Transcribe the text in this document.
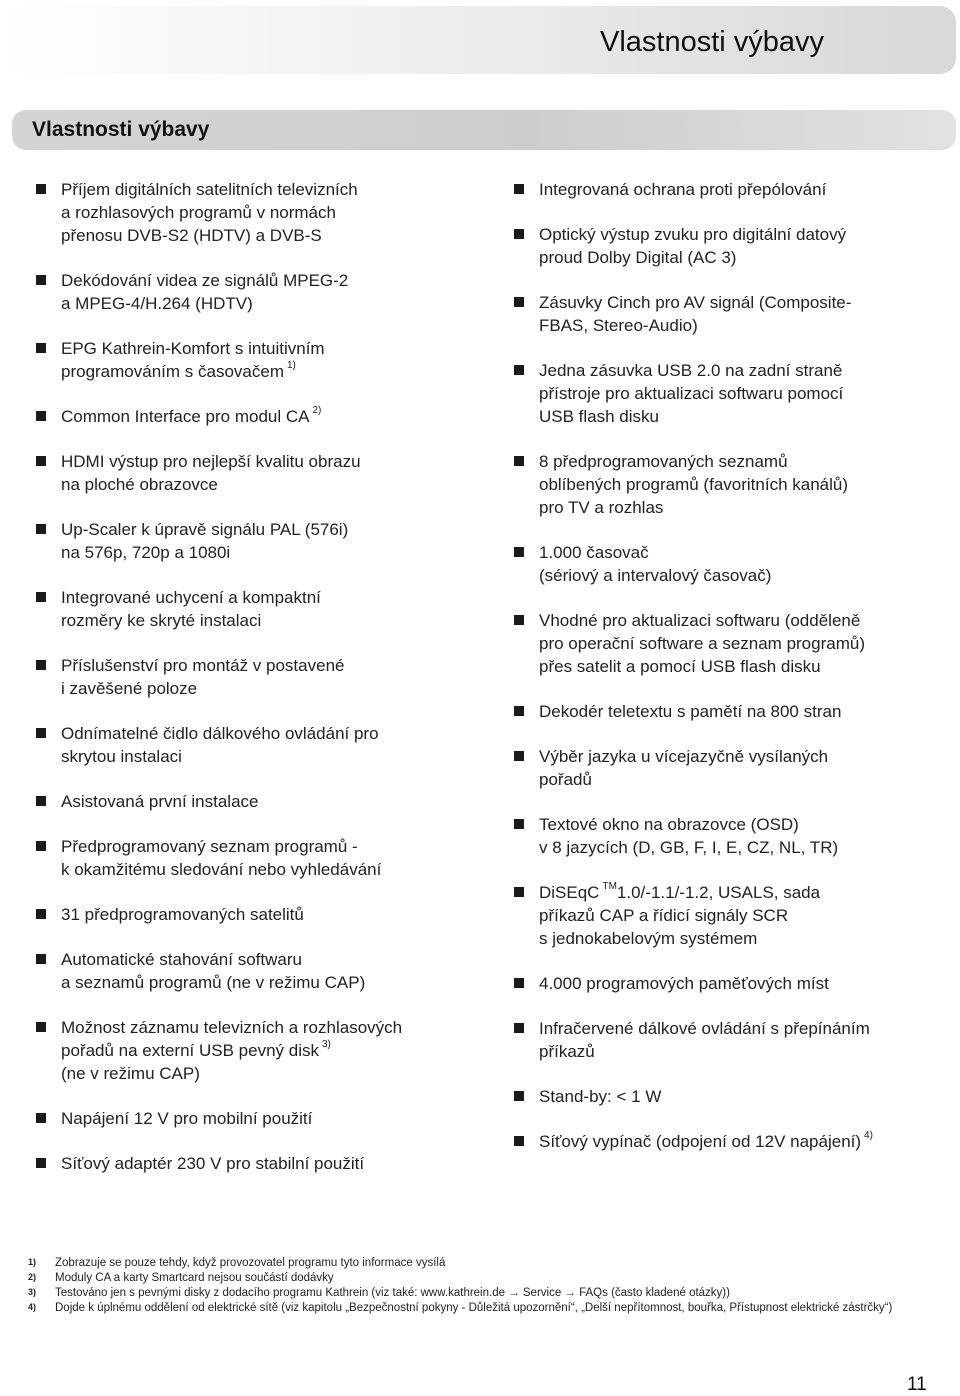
Vlastnosti výbavy
Vlastnosti výbavy
Příjem digitálních satelitních televizních
a rozhlasových programů v normách
přenosu DVB-S2 (HDTV) a DVB-S
Dekódování videa ze signálů MPEG-2
a MPEG-4/H.264 (HDTV)
EPG Kathrein-Komfort s intuitivním
programováním s časovačem $^{1)}$
Common Interface pro modul CA $^{2)}$
HDMI výstup pro nejlepší kvalitu obrazu
na ploché obrazovce
Up-Scaler k úpravě signálu PAL (576i)
na 576p, 720p a 1080i
Integrované uchycení a kompaktní
rozměry ke skryté instalaci
Příslušenství pro montáž v postavené
i zavěšené poloze
Odnímatelné čidlo dálkového ovládání pro
skrytou instalaci
Asistovaná první instalace
Předprogramovaný seznam programů -
k okamžitému sledování nebo vyhledávání
31 předprogramovaných satelitů
Automatické stahování softwaru
a seznamů programů (ne v režimu CAP)
Možnost záznamu televizních a rozhlasových
pořadů na externí USB pevný disk $^{3)}$
(ne v režimu CAP)
Napájení 12 V pro mobilní použití
Síťový adaptér 230 V pro stabilní použití
Integrovaná ochrana proti přepólování
Optický výstup zvuku pro digitální datový
proud Dolby Digital (AC 3)
Zásuvky Cinch pro AV signál (Composite-
FBAS, Stereo-Audio)
Jedna zásuvka USB 2.0 na zadní straně
přístroje pro aktualizaci softwaru pomocí
USB flash disku
8 předprogramovaných seznamů
oblíbených programů (favoritních kanálů)
pro TV a rozhlas
1.000 časovač
(sériový a intervalový časovač)
Vhodné pro aktualizaci softwaru (odděleně
pro operační software a seznam programů)
přes satelit a pomocí USB flash disku
Dekodér teletextu s pamětí na 800 stran
Výběr jazyka u vícejazyčně vysílaných
pořadů
Textové okno na obrazovce (OSD)
v 8 jazycích (D, GB, F, I, E, CZ, NL, TR)
DiSEqC ™1.0/-1.1/-1.2, USALS, sada
příkazů CAP a řídicí signály SCR
s jednokabelovým systémem
4.000 programových paměťových míst
Infračervené dálkové ovládání s přepínáním
příkazů
Stand-by: < 1 W
Síťový vypínač (odpojení od 12V napájení) $^{4)}$
1) Zobrazuje se pouze tehdy, když provozovatel programu tyto informace vysílá
2) Moduly CA a karty Smartcard nejsou součástí dodávky
3) Testováno jen s pevnými disky z dodacího programu Kathrein (viz také: www.kathrein.de → Service → FAQs (často kladené otázky))
4) Dojde k úplnému oddělení od elektrické sítě (viz kapitolu „Bezpečnostní pokyny - Důležitá upozornění“, „Delší nepřítomnost, bouřka, Přístupnost elektrické zástrčky“)
11
